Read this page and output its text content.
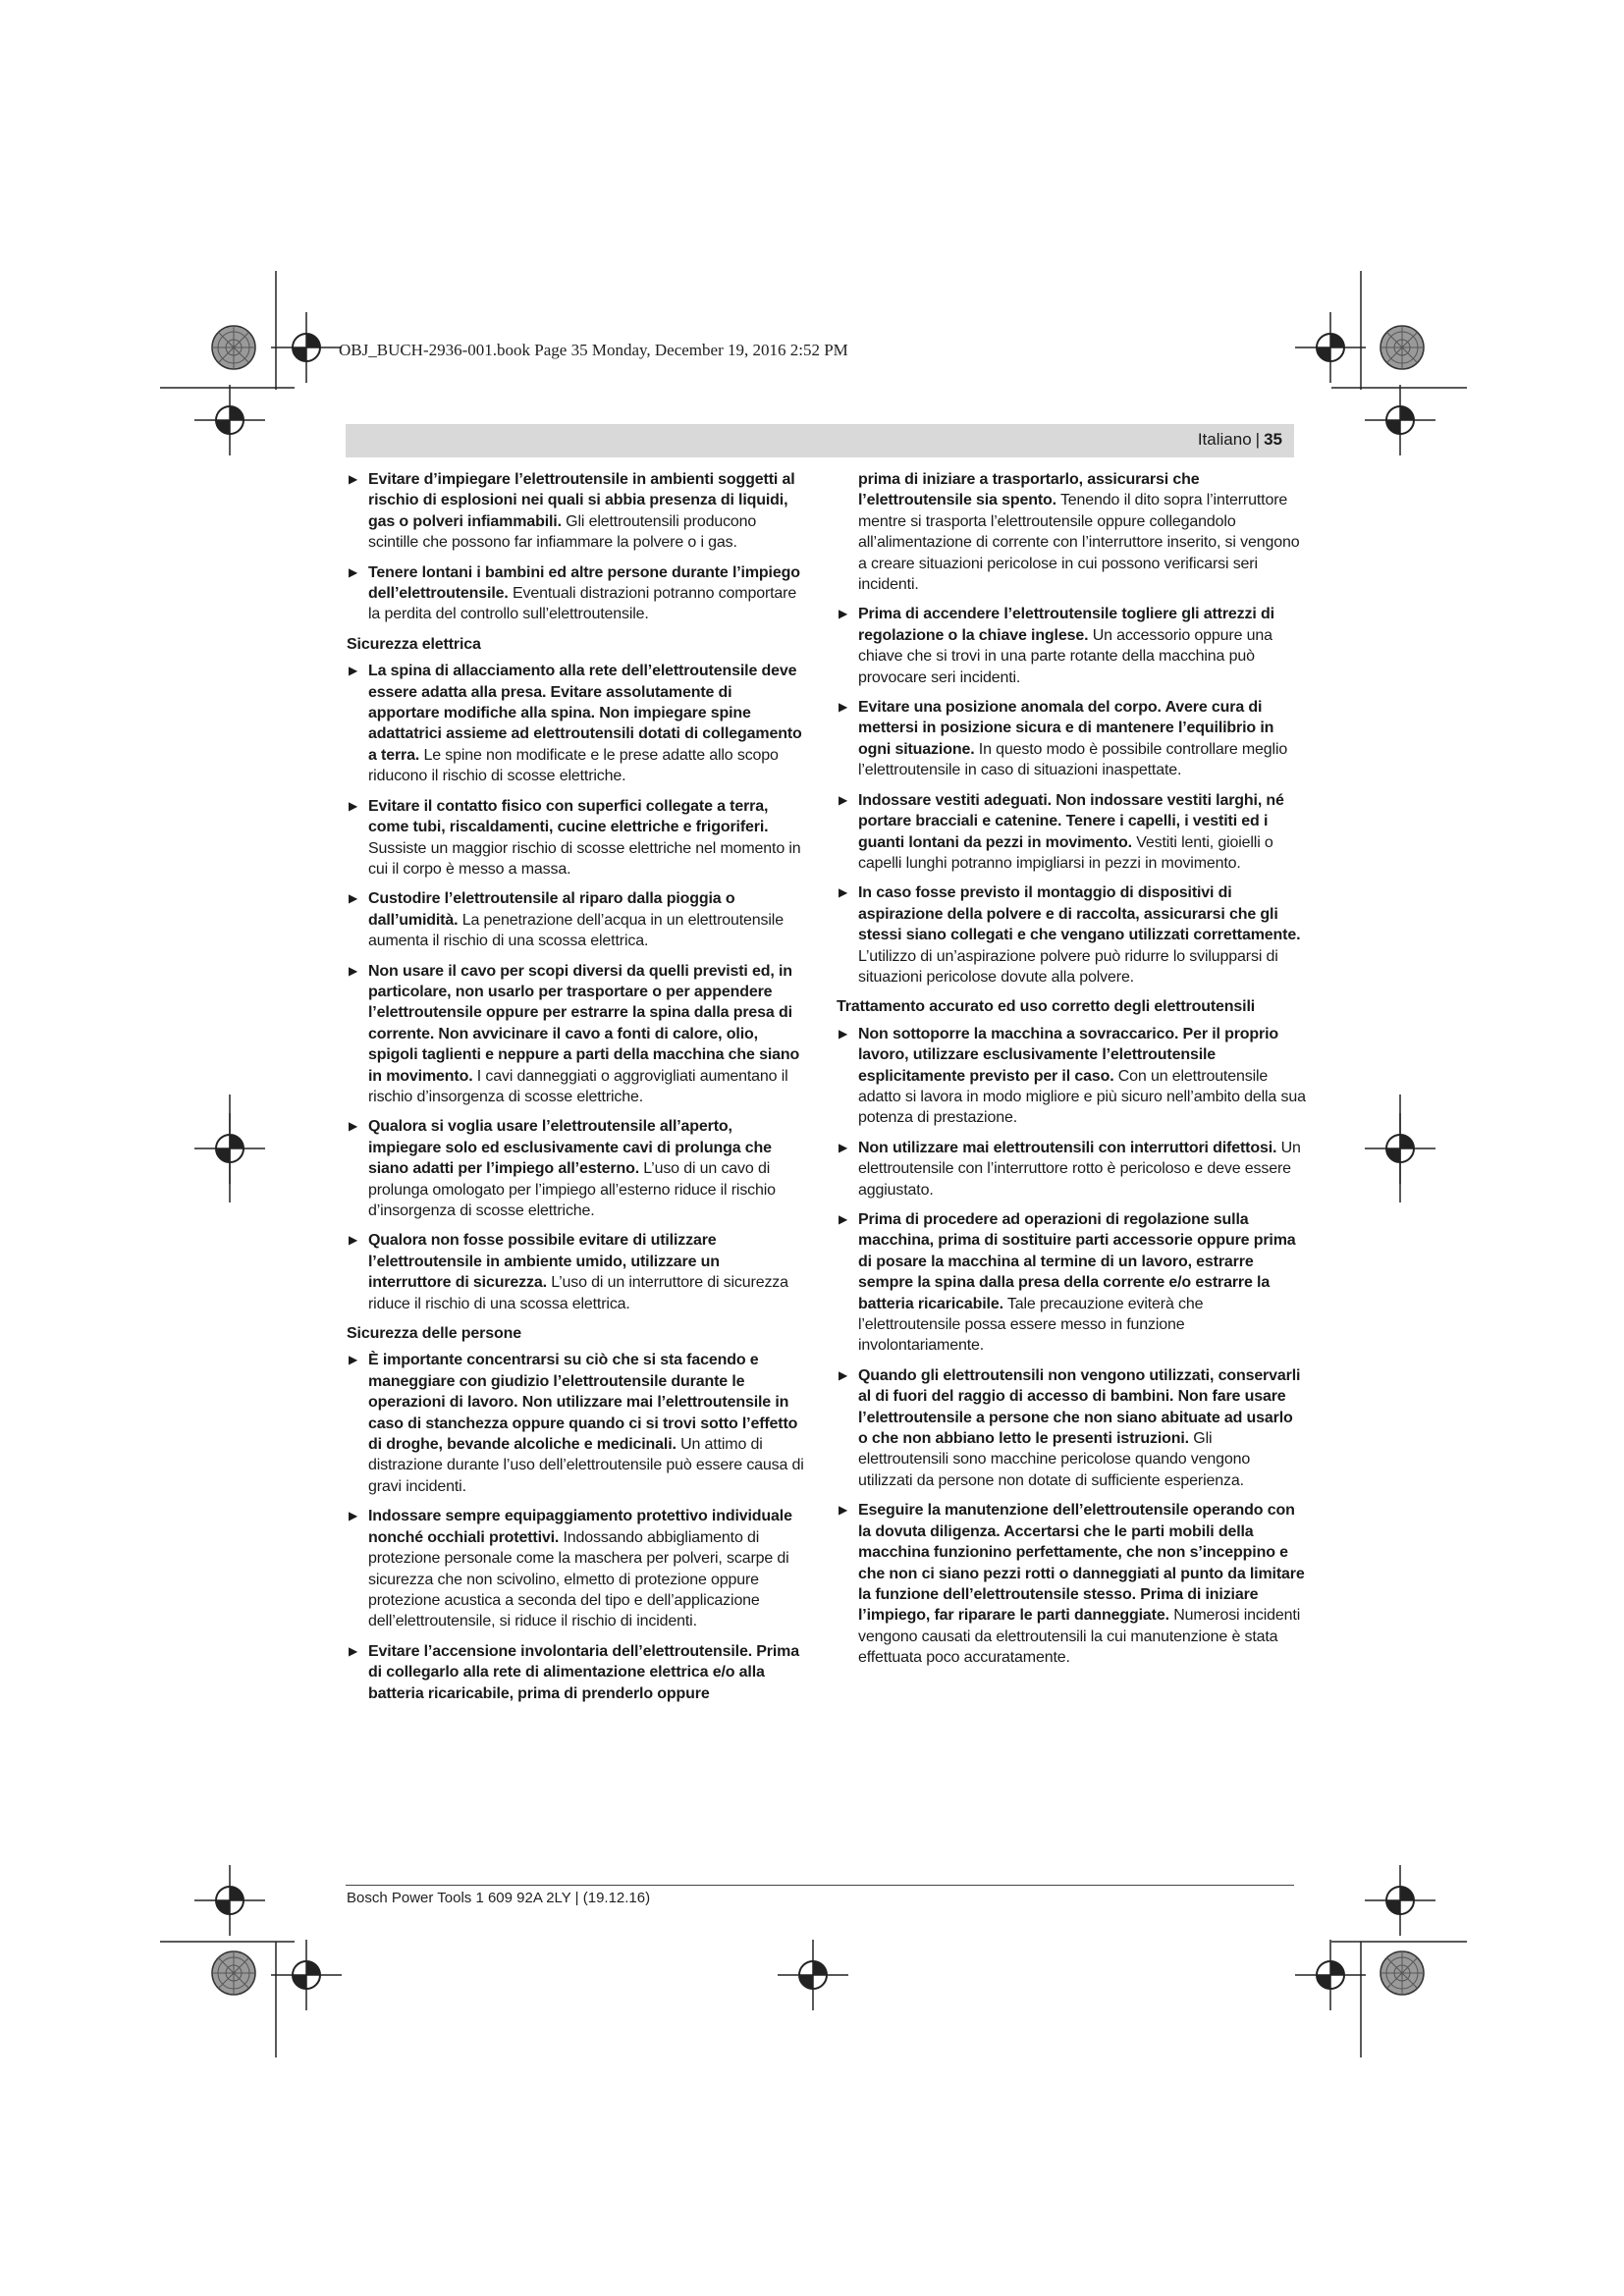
OBJ_BUCH-2936-001.book Page 35 Monday, December 19, 2016 2:52 PM
Italiano | 35
▶ Evitare d’impiegare l’elettroutensile in ambienti soggetti al rischio di esplosioni nei quali si abbia presenza di liquidi, gas o polveri infiammabili. Gli elettroutensili producono scintille che possono far infiammare la polvere o i gas.
▶ Tenere lontani i bambini ed altre persone durante l’impiego dell’elettroutensile. Eventuali distrazioni potranno comportare la perdita del controllo sull’elettroutensile.
Sicurezza elettrica
▶ La spina di allacciamento alla rete dell’elettroutensile deve essere adatta alla presa. Evitare assolutamente di apportare modifiche alla spina. Non impiegare spine adattatrici assieme ad elettroutensili dotati di collegamento a terra. Le spine non modificate e le prese adatte allo scopo riducono il rischio di scosse elettriche.
▶ Evitare il contatto fisico con superfici collegate a terra, come tubi, riscaldamenti, cucine elettriche e frigoriferi. Sussiste un maggior rischio di scosse elettriche nel momento in cui il corpo è messo a massa.
▶ Custodire l’elettroutensile al riparo dalla pioggia o dall’umidità. La penetrazione dell’acqua in un elettroutensile aumenta il rischio di una scossa elettrica.
▶ Non usare il cavo per scopi diversi da quelli previsti ed, in particolare, non usarlo per trasportare o per appendere l’elettroutensile oppure per estrarre la spina dalla presa di corrente. Non avvicinare il cavo a fonti di calore, olio, spigoli taglienti e neppure a parti della macchina che siano in movimento. I cavi danneggiati o aggrovigliati aumentano il rischio d’insorgenza di scosse elettriche.
▶ Qualora si voglia usare l’elettroutensile all’aperto, impiegare solo ed esclusivamente cavi di prolunga che siano adatti per l’impiego all’esterno. L’uso di un cavo di prolunga omologato per l’impiego all’esterno riduce il rischio d’insorgenza di scosse elettriche.
▶ Qualora non fosse possibile evitare di utilizzare l’elettroutensile in ambiente umido, utilizzare un interruttore di sicurezza. L’uso di un interruttore di sicurezza riduce il rischio di una scossa elettrica.
Sicurezza delle persone
▶ È importante concentrarsi su ciò che si sta facendo e maneggiare con giudizio l’elettroutensile durante le operazioni di lavoro. Non utilizzare mai l’elettroutensile in caso di stanchezza oppure quando ci si trovi sotto l’effetto di droghe, bevande alcoliche e medicinali. Un attimo di distrazione durante l’uso dell’elettroutensile può essere causa di gravi incidenti.
▶ Indossare sempre equipaggiamento protettivo individuale nonché occhiali protettivi. Indossando abbigliamento di protezione personale come la maschera per polveri, scarpe di sicurezza che non scivolino, elmetto di protezione oppure protezione acustica a seconda del tipo e dell’applicazione dell’elettroutensile, si riduce il rischio di incidenti.
▶ Evitare l’accensione involontaria dell’elettroutensile. Prima di collegarlo alla rete di alimentazione elettrica e/o alla batteria ricaricabile, prima di prenderlo oppure
prima di iniziare a trasportarlo, assicurarsi che l’elettroutensile sia spento. Tenendo il dito sopra l’interruttore mentre si trasporta l’elettroutensile oppure collegandolo all’alimentazione di corrente con l’interruttore inserito, si vengono a creare situazioni pericolose in cui possono verificarsi seri incidenti.
▶ Prima di accendere l’elettroutensile togliere gli attrezzi di regolazione o la chiave inglese. Un accessorio oppure una chiave che si trovi in una parte rotante della macchina può provocare seri incidenti.
▶ Evitare una posizione anomala del corpo. Avere cura di mettersi in posizione sicura e di mantenere l’equilibrio in ogni situazione. In questo modo è possibile controllare meglio l’elettroutensile in caso di situazioni inaspettate.
▶ Indossare vestiti adeguati. Non indossare vestiti larghi, né portare bracciali e catenine. Tenere i capelli, i vestiti ed i guanti lontani da pezzi in movimento. Vestiti lenti, gioielli o capelli lunghi potranno impigliarsi in pezzi in movimento.
▶ In caso fosse previsto il montaggio di dispositivi di aspirazione della polvere e di raccolta, assicurarsi che gli stessi siano collegati e che vengano utilizzati correttamente. L’utilizzo di un’aspirazione polvere può ridurre lo svilupparsi di situazioni pericolose dovute alla polvere.
Trattamento accurato ed uso corretto degli elettroutensili
▶ Non sottoporre la macchina a sovraccarico. Per il proprio lavoro, utilizzare esclusivamente l’elettroutensile esplicitamente previsto per il caso. Con un elettroutensile adatto si lavora in modo migliore e più sicuro nell’ambito della sua potenza di prestazione.
▶ Non utilizzare mai elettroutensili con interruttori difettosi. Un elettroutensile con l’interruttore rotto è pericoloso e deve essere aggiustato.
▶ Prima di procedere ad operazioni di regolazione sulla macchina, prima di sostituire parti accessorie oppure prima di posare la macchina al termine di un lavoro, estrarre sempre la spina dalla presa della corrente e/o estrarre la batteria ricaricabile. Tale precauzione eviterà che l’elettroutensile possa essere messo in funzione involontariamente.
▶ Quando gli elettroutensili non vengono utilizzati, conservarli al di fuori del raggio di accesso di bambini. Non fare usare l’elettroutensile a persone che non siano abituate ad usarlo o che non abbiano letto le presenti istruzioni. Gli elettroutensili sono macchine pericolose quando vengono utilizzati da persone non dotate di sufficiente esperienza.
▶ Eseguire la manutenzione dell’elettroutensile operando con la dovuta diligenza. Accertarsi che le parti mobili della macchina funzionino perfettamente, che non s’inceppino e che non ci siano pezzi rotti o danneggiati al punto da limitare la funzione dell’elettroutensile stesso. Prima di iniziare l’impiego, far riparare le parti danneggiate. Numerosi incidenti vengono causati da elettroutensili la cui manutenzione è stata effettuata poco accuratamente.
Bosch Power Tools 1 609 92A 2LY | (19.12.16)
